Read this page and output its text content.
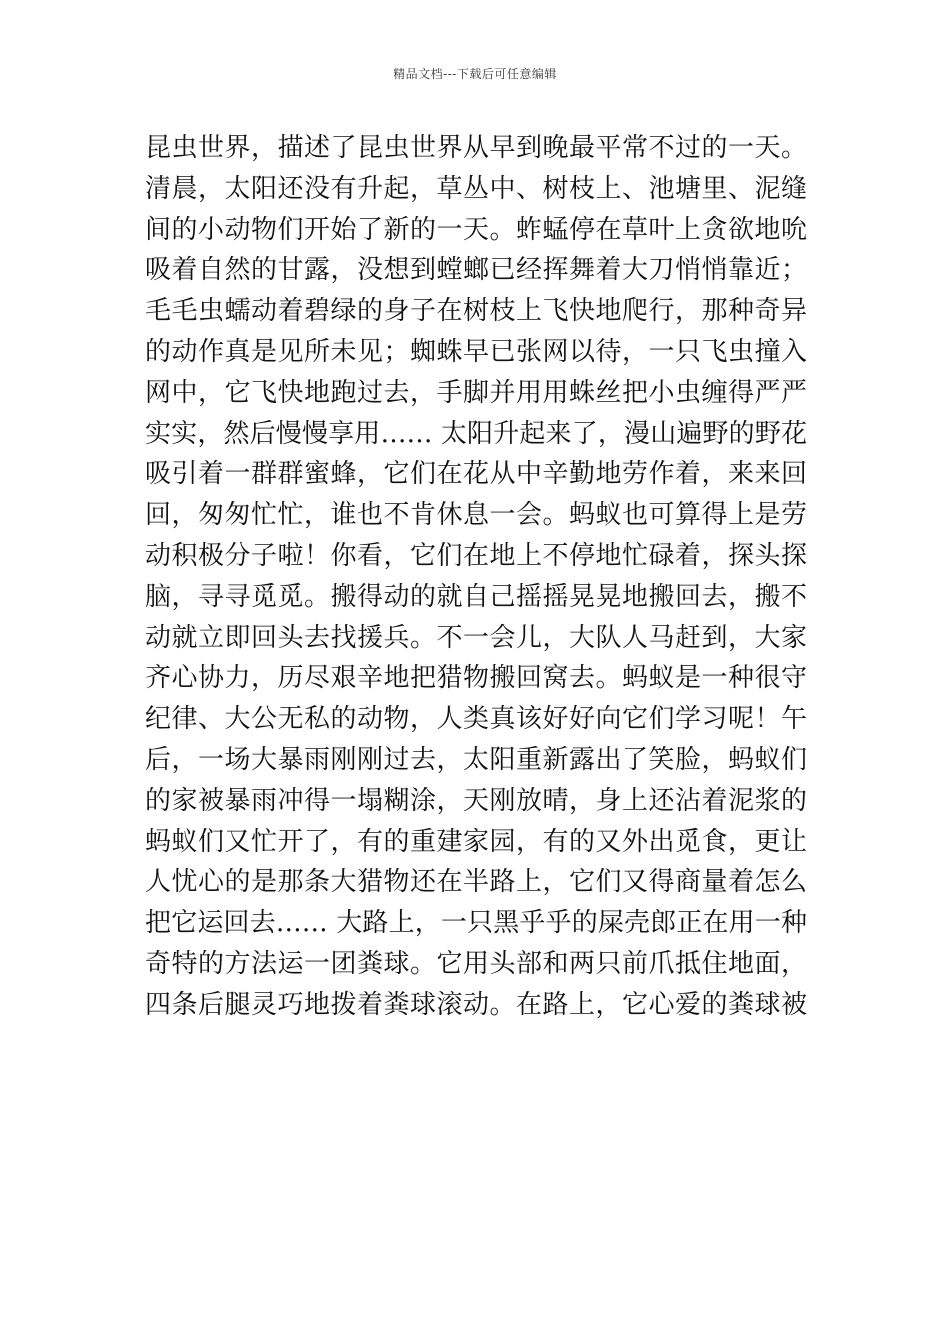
精品文档---下载后可任意编辑
昆虫世界，描述了昆虫世界从早到晚最平常不过的一天。
清晨，太阳还没有升起，草丛中、树枝上、池塘里、泥缝
间的小动物们开始了新的一天。蚱蜢停在草叶上贪欲地吮
吸着自然的甘露，没想到螳螂已经挥舞着大刀悄悄靠近；
毛毛虫蠕动着碧绿的身子在树枝上飞快地爬行，那种奇异
的动作真是见所未见；蜘蛛早已张网以待，一只飞虫撞入
网中，它飞快地跑过去，手脚并用用蛛丝把小虫缠得严严
实实，然后慢慢享用…… 太阳升起来了，漫山遍野的野花
吸引着一群群蜜蜂，它们在花从中辛勤地劳作着，来来回
回，匆匆忙忙，谁也不肯休息一会。蚂蚁也可算得上是劳
动积极分子啦！你看，它们在地上不停地忙碌着，探头探
脑，寻寻觅觅。搬得动的就自己摇摇晃晃地搬回去，搬不
动就立即回头去找援兵。不一会儿，大队人马赶到，大家
齐心协力，历尽艰辛地把猎物搬回窝去。蚂蚁是一种很守
纪律、大公无私的动物，人类真该好好向它们学习呢！午
后，一场大暴雨刚刚过去，太阳重新露出了笑脸，蚂蚁们
的家被暴雨冲得一塌糊涂，天刚放晴，身上还沾着泥浆的
蚂蚁们又忙开了，有的重建家园，有的又外出觅食，更让
人忧心的是那条大猎物还在半路上，它们又得商量着怎么
把它运回去…… 大路上，一只黑乎乎的屎壳郎正在用一种
奇特的方法运一团粪球。它用头部和两只前爪抵住地面，
四条后腿灵巧地拨着粪球滚动。在路上，它心爱的粪球被
